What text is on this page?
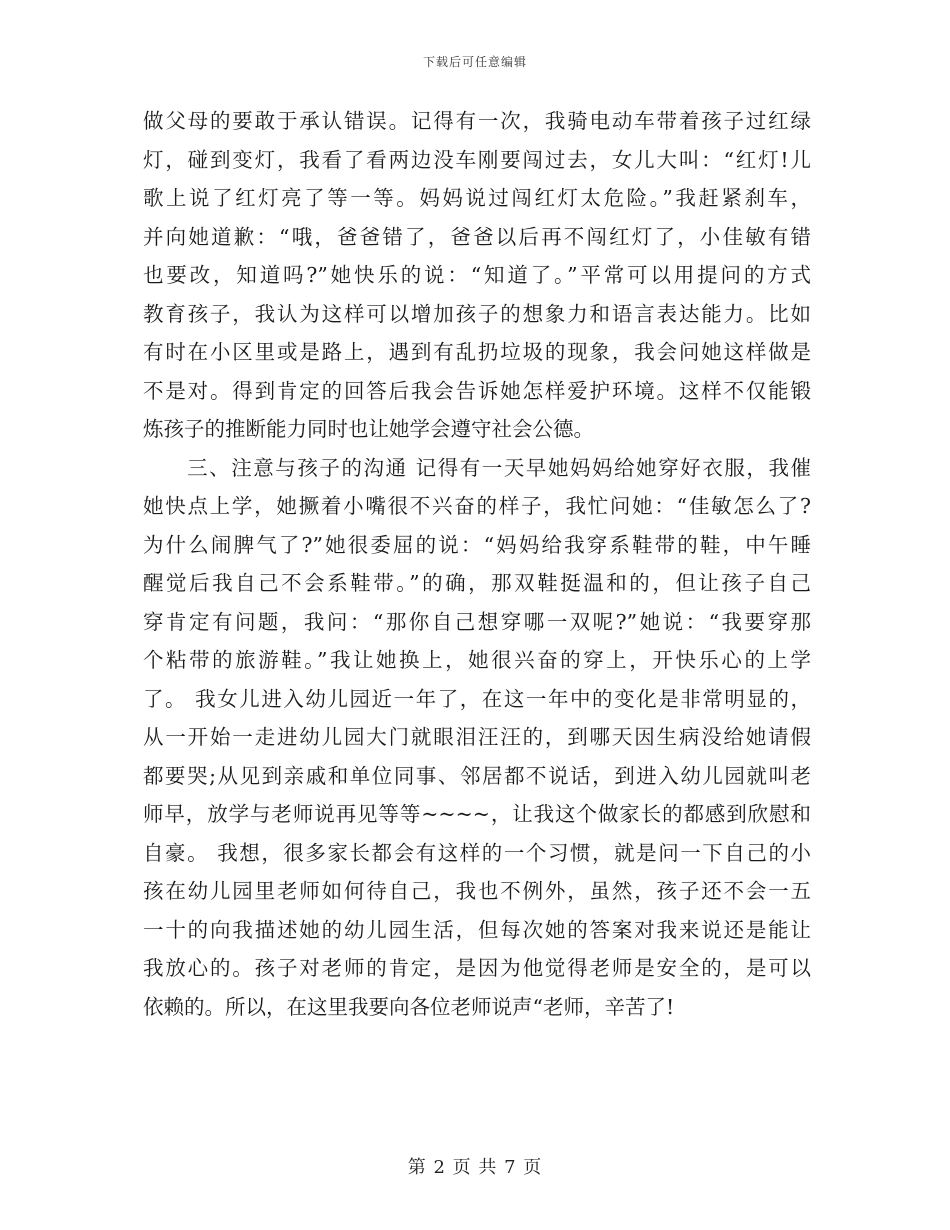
下载后可任意编辑
做父母的要敢于承认错误。记得有一次，我骑电动车带着孩子过红绿
灯，碰到变灯，我看了看两边没车刚要闯过去，女儿大叫：“红灯!儿
歌上说了红灯亮了等一等。妈妈说过闯红灯太危险。”我赶紧刹车，
并向她道歉：“哦，爸爸错了，爸爸以后再不闯红灯了，小佳敏有错
也要改，知道吗?”她快乐的说：“知道了。”平常可以用提问的方式
教育孩子，我认为这样可以增加孩子的想象力和语言表达能力。比如
有时在小区里或是路上，遇到有乱扔垃圾的现象，我会问她这样做是
不是对。得到肯定的回答后我会告诉她怎样爱护环境。这样不仅能锻
炼孩子的推断能力同时也让她学会遵守社会公德。
　　三、注意与孩子的沟通 记得有一天早她妈妈给她穿好衣服，我催
她快点上学，她撅着小嘴很不兴奋的样子，我忙问她：“佳敏怎么了?
为什么闹脾气了?”她很委屈的说：“妈妈给我穿系鞋带的鞋，中午睡
醒觉后我自己不会系鞋带。”的确，那双鞋挺温和的，但让孩子自己
穿肯定有问题，我问：“那你自己想穿哪一双呢?”她说：“我要穿那
个粘带的旅游鞋。”我让她换上，她很兴奋的穿上，开快乐心的上学
了。 我女儿进入幼儿园近一年了，在这一年中的变化是非常明显的，
从一开始一走进幼儿园大门就眼泪汪汪的，到哪天因生病没给她请假
都要哭;从见到亲戚和单位同事、邻居都不说话，到进入幼儿园就叫老
师早，放学与老师说再见等等~~~~，让我这个做家长的都感到欣慰和
自豪。 我想，很多家长都会有这样的一个习惯，就是问一下自己的小
孩在幼儿园里老师如何待自己，我也不例外，虽然，孩子还不会一五
一十的向我描述她的幼儿园生活，但每次她的答案对我来说还是能让
我放心的。孩子对老师的肯定，是因为他觉得老师是安全的，是可以
依赖的。所以，在这里我要向各位老师说声“老师，辛苦了!
第 2 页 共 7 页
